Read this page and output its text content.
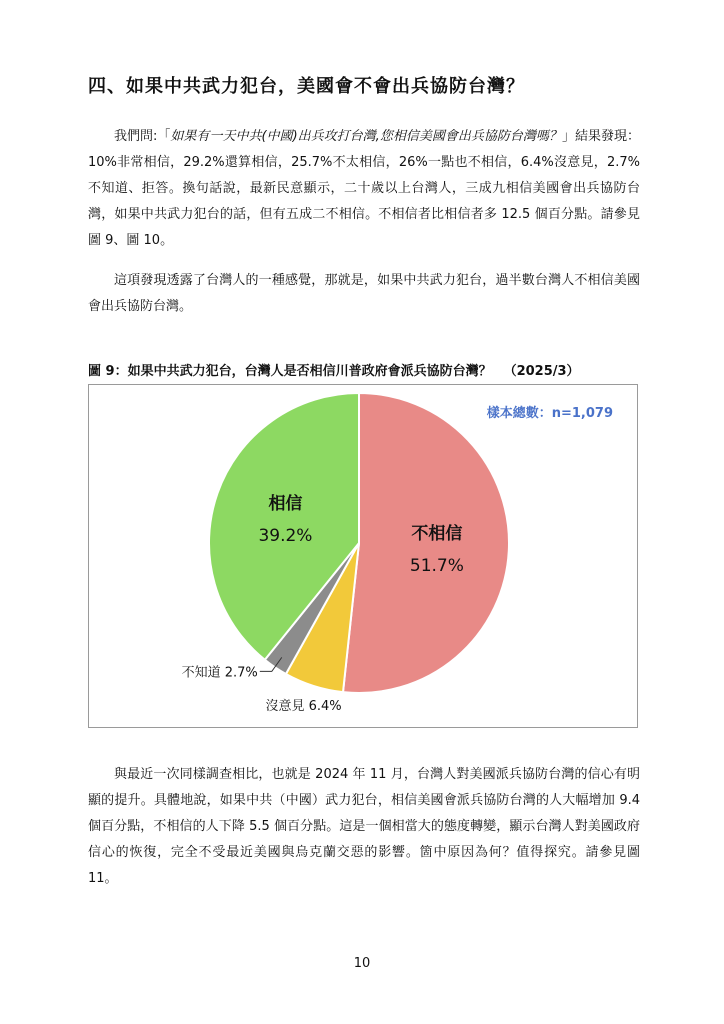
四、如果中共武力犯台，美國會不會出兵協防台灣？

我們問:「如果有一天中共(中國)出兵攻打台灣,您相信美國會出兵協防台灣嗎？」結果發現：10%非常相信，29.2%還算相信，25.7%不太相信，26%一點也不相信，6.4%沒意見，2.7%不知道、拒答。換句話說，最新民意顯示，二十歲以上台灣人，三成九相信美國會出兵協防台灣，如果中共武力犯台的話，但有五成二不相信。不相信者比相信者多 12.5 個百分點。請參見圖 9、圖 10。

這項發現透露了台灣人的一種感覺，那就是，如果中共武力犯台，過半數台灣人不相信美國會出兵協防台灣。

圖 9：如果中共武力犯台，台灣人是否相信川普政府會派兵協防台灣？ （2025/3）
樣本總數：n=1,079
不相信
51.7%
相信
39.2%
沒意見 6.4%
不知道 2.7%

與最近一次同樣調查相比，也就是 2024 年 11 月，台灣人對美國派兵協防台灣的信心有明顯的提升。具體地說，如果中共（中國）武力犯台，相信美國會派兵協防台灣的人大幅增加 9.4 個百分點，不相信的人下降 5.5 個百分點。這是一個相當大的態度轉變，顯示台灣人對美國政府信心的恢復，完全不受最近美國與烏克蘭交惡的影響。箇中原因為何？值得探究。請參見圖 11。

10
